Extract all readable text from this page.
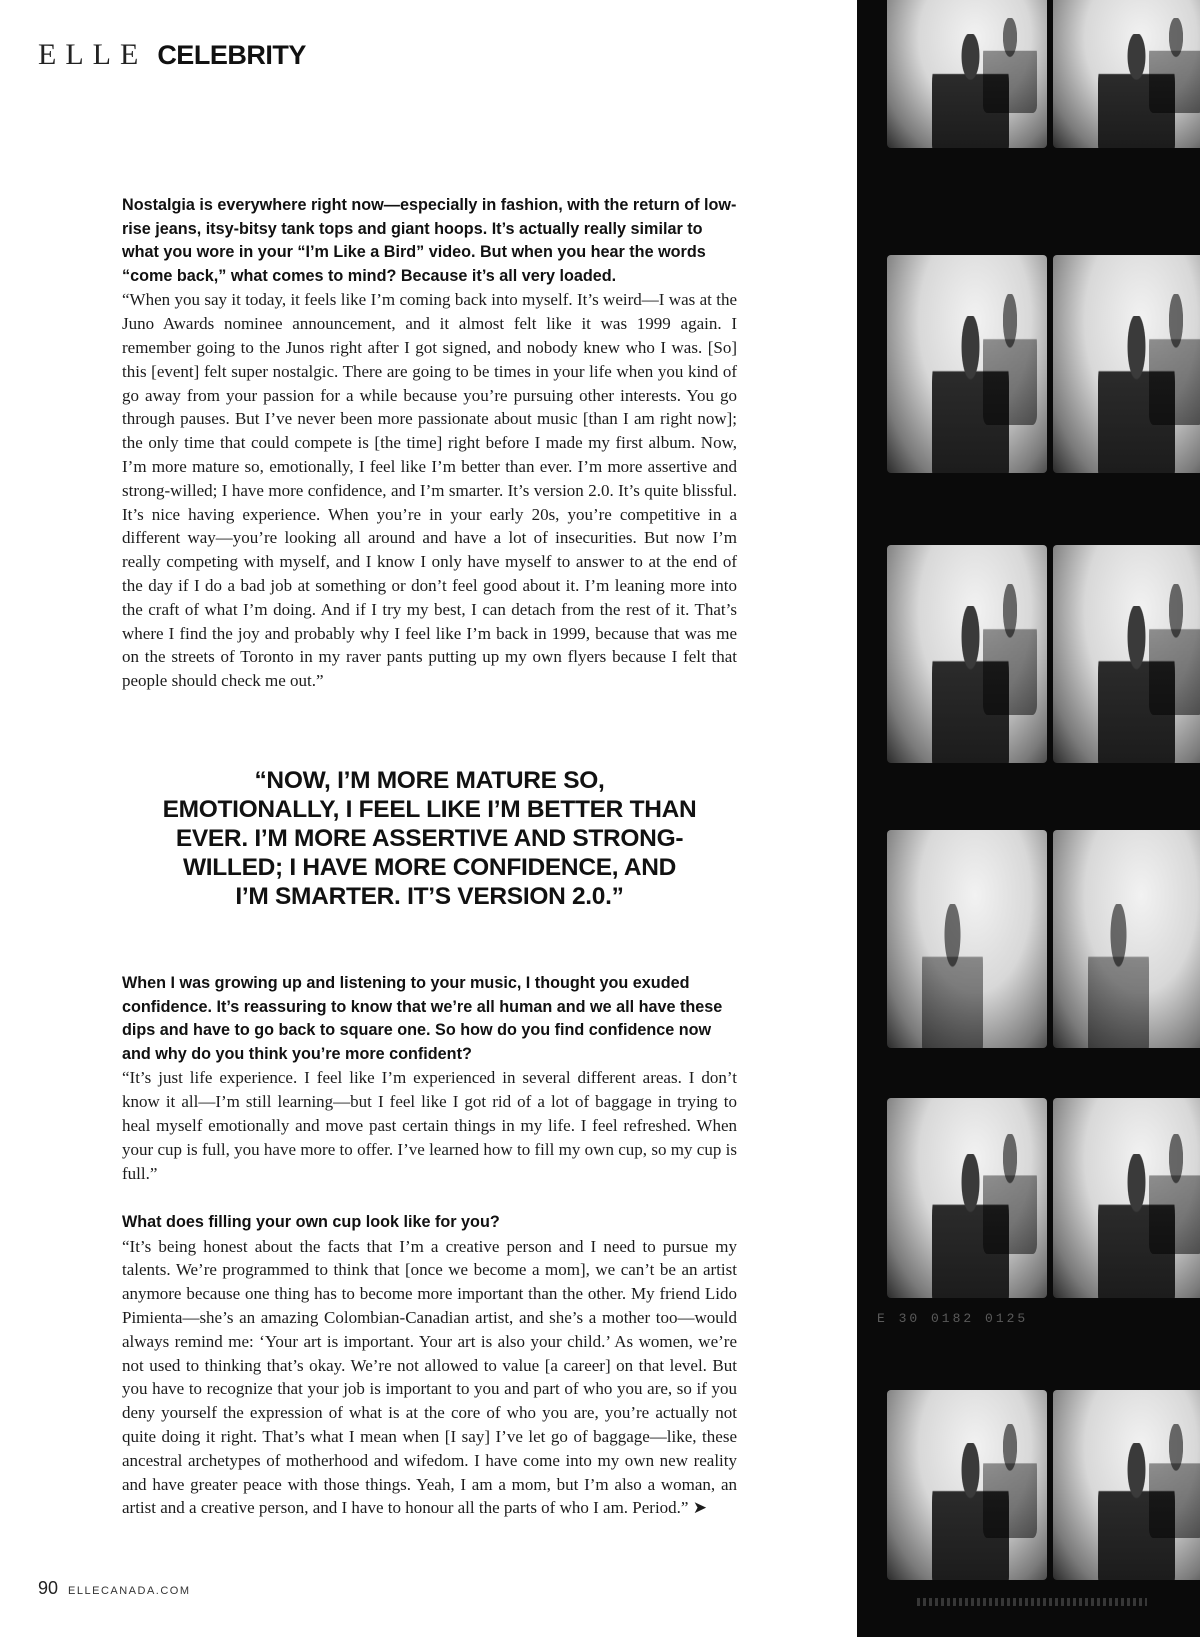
ELLE CELEBRITY

Nostalgia is everywhere right now—especially in fashion, with the return of low-rise jeans, itsy-bitsy tank tops and giant hoops. It’s actually really similar to what you wore in your “I’m Like a Bird” video. But when you hear the words “come back,” what comes to mind? Because it’s all very loaded.

“When you say it today, it feels like I’m coming back into myself. It’s weird—I was at the Juno Awards nominee announcement, and it almost felt like it was 1999 again. I remember going to the Junos right after I got signed, and nobody knew who I was. [So] this [event] felt super nostalgic. There are going to be times in your life when you kind of go away from your passion for a while because you’re pursuing other interests. You go through pauses. But I’ve never been more passionate about music [than I am right now]; the only time that could compete is [the time] right before I made my first album. Now, I’m more mature so, emotionally, I feel like I’m better than ever. I’m more assertive and strong-willed; I have more confidence, and I’m smarter. It’s version 2.0. It’s quite blissful. It’s nice having experience. When you’re in your early 20s, you’re competitive in a different way—you’re looking all around and have a lot of insecurities. But now I’m really competing with myself, and I know I only have myself to answer to at the end of the day if I do a bad job at something or don’t feel good about it. I’m leaning more into the craft of what I’m doing. And if I try my best, I can detach from the rest of it. That’s where I find the joy and probably why I feel like I’m back in 1999, because that was me on the streets of Toronto in my raver pants putting up my own flyers because I felt that people should check me out.”

“NOW, I’M MORE MATURE SO,
EMOTIONALLY, I FEEL LIKE I’M BETTER THAN
EVER. I’M MORE ASSERTIVE AND STRONG-
WILLED; I HAVE MORE CONFIDENCE, AND
I’M SMARTER. IT’S VERSION 2.0.”

When I was growing up and listening to your music, I thought you exuded confidence. It’s reassuring to know that we’re all human and we all have these dips and have to go back to square one. So how do you find confidence now and why do you think you’re more confident?

“It’s just life experience. I feel like I’m experienced in several different areas. I don’t know it all—I’m still learning—but I feel like I got rid of a lot of baggage in trying to heal myself emotionally and move past certain things in my life. I feel refreshed. When your cup is full, you have more to offer. I’ve learned how to fill my own cup, so my cup is full.”

What does filling your own cup look like for you?

“It’s being honest about the facts that I’m a creative person and I need to pursue my talents. We’re programmed to think that [once we become a mom], we can’t be an artist anymore because one thing has to become more important than the other. My friend Lido Pimienta—she’s an amazing Colombian-Canadian artist, and she’s a mother too—would always remind me: ‘Your art is important. Your art is also your child.’ As women, we’re not used to thinking that’s okay. We’re not allowed to value [a career] on that level. But you have to recognize that your job is important to you and part of who you are, so if you deny yourself the expression of what is at the core of who you are, you’re actually not quite doing it right. That’s what I mean when [I say] I’ve let go of baggage—like, these ancestral archetypes of motherhood and wifedom. I have come into my own new reality and have greater peace with those things. Yeah, I am a mom, but I’m also a woman, an artist and a creative person, and I have to honour all the parts of who I am. Period.” ➤

90 ELLECANADA.COM
E 30 0182 0125
